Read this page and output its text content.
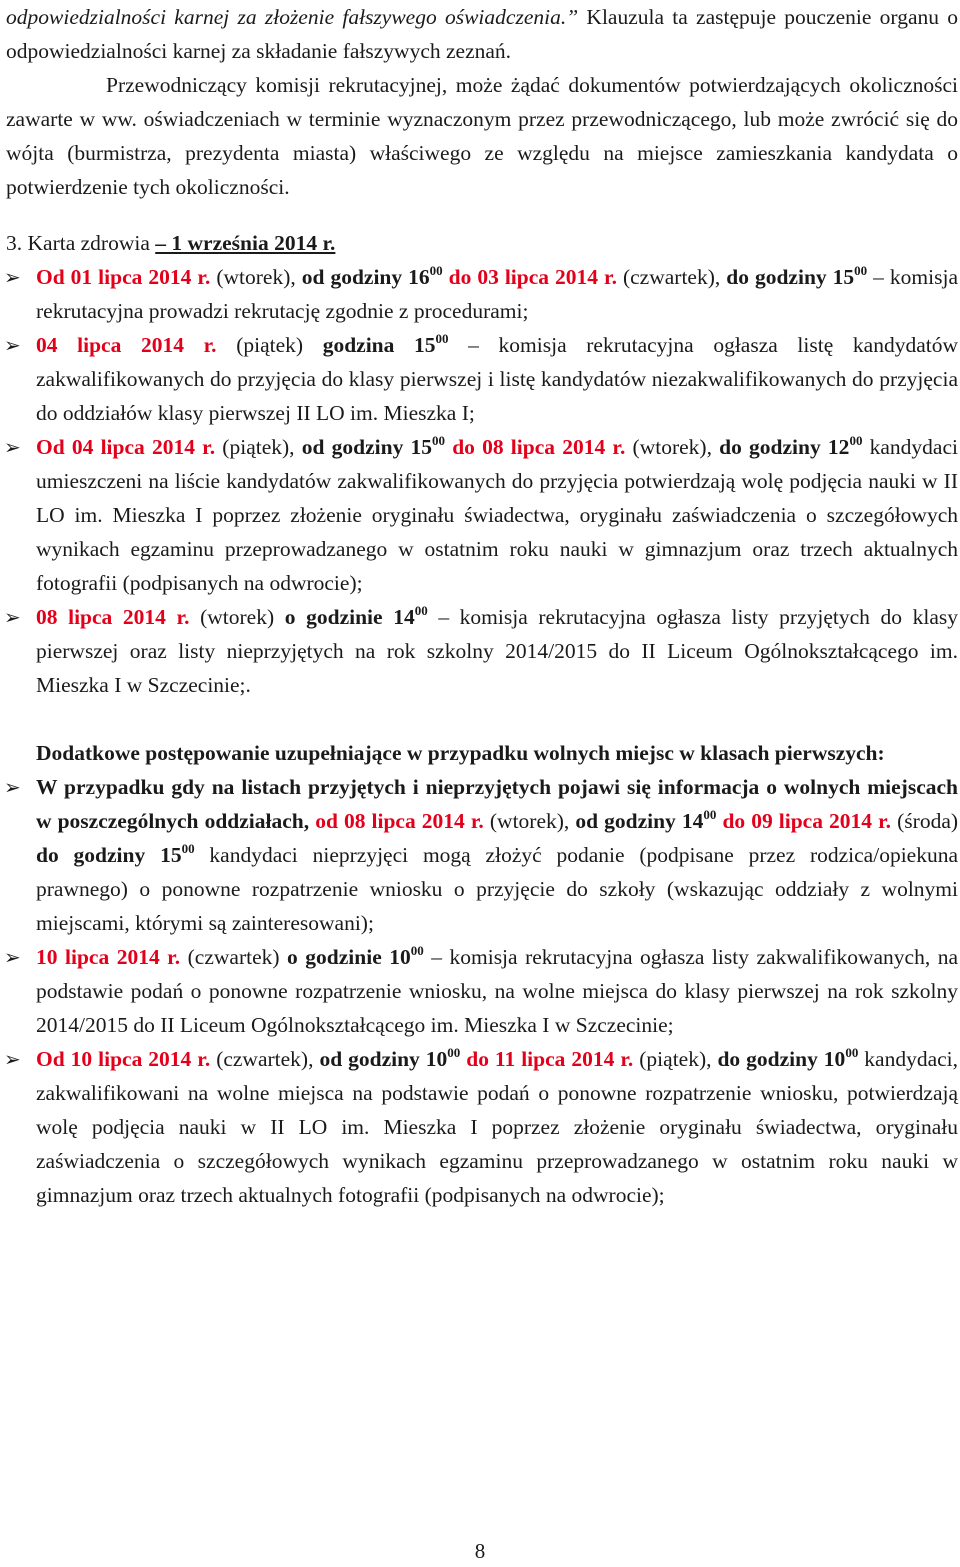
odpowiedzialności karnej za złożenie fałszywego oświadczenia.” Klauzula ta zastępuje pouczenie organu o odpowiedzialności karnej za składanie fałszywych zeznań.

Przewodniczący komisji rekrutacyjnej, może żądać dokumentów potwierdzających okoliczności zawarte w ww. oświadczeniach w terminie wyznaczonym przez przewodniczącego, lub może zwrócić się do wójta (burmistrza, prezydenta miasta) właściwego ze względu na miejsce zamieszkania kandydata o potwierdzenie tych okoliczności.

3. Karta zdrowia – 1 września 2014 r.

➢ Od 01 lipca 2014 r. (wtorek), od godziny $16^{00}$ do 03 lipca 2014 r. (czwartek), do godziny $15^{00}$ – komisja rekrutacyjna prowadzi rekrutację zgodnie z procedurami;
➢ 04 lipca 2014 r. (piątek) godzina $15^{00}$ – komisja rekrutacyjna ogłasza listę kandydatów zakwalifikowanych do przyjęcia do klasy pierwszej i listę kandydatów niezakwalifikowanych do przyjęcia do oddziałów klasy pierwszej II LO im. Mieszka I;
➢ Od 04 lipca 2014 r. (piątek), od godziny $15^{00}$ do 08 lipca 2014 r. (wtorek), do godziny $12^{00}$ kandydaci umieszczeni na liście kandydatów zakwalifikowanych do przyjęcia potwierdzają wolę podjęcia nauki w II LO im. Mieszka I poprzez złożenie oryginału świadectwa, oryginału zaświadczenia o szczegółowych wynikach egzaminu przeprowadzanego w ostatnim roku nauki w gimnazjum oraz trzech aktualnych fotografii (podpisanych na odwrocie);
➢ 08 lipca 2014 r. (wtorek) o godzinie $14^{00}$ – komisja rekrutacyjna ogłasza listy przyjętych do klasy pierwszej oraz listy nieprzyjętych na rok szkolny 2014/2015 do II Liceum Ogólnokształcącego im. Mieszka I w Szczecinie;.

Dodatkowe postępowanie uzupełniające w przypadku wolnych miejsc w klasach pierwszych:

➢ W przypadku gdy na listach przyjętych i nieprzyjętych pojawi się informacja o wolnych miejscach w poszczególnych oddziałach, od 08 lipca 2014 r. (wtorek), od godziny $14^{00}$ do 09 lipca 2014 r. (środa) do godziny $15^{00}$ kandydaci nieprzyjęci mogą złożyć podanie (podpisane przez rodzica/opiekuna prawnego) o ponowne rozpatrzenie wniosku o przyjęcie do szkoły (wskazując oddziały z wolnymi miejscami, którymi są zainteresowani);
➢ 10 lipca 2014 r. (czwartek) o godzinie $10^{00}$ – komisja rekrutacyjna ogłasza listy zakwalifikowanych, na podstawie podań o ponowne rozpatrzenie wniosku, na wolne miejsca do klasy pierwszej na rok szkolny 2014/2015 do II Liceum Ogólnokształcącego im. Mieszka I w Szczecinie;
➢ Od 10 lipca 2014 r. (czwartek), od godziny $10^{00}$ do 11 lipca 2014 r. (piątek), do godziny $10^{00}$ kandydaci, zakwalifikowani na wolne miejsca na podstawie podań o ponowne rozpatrzenie wniosku, potwierdzają wolę podjęcia nauki w II LO im. Mieszka I poprzez złożenie oryginału świadectwa, oryginału zaświadczenia o szczegółowych wynikach egzaminu przeprowadzanego w ostatnim roku nauki w gimnazjum oraz trzech aktualnych fotografii (podpisanych na odwrocie);
8
